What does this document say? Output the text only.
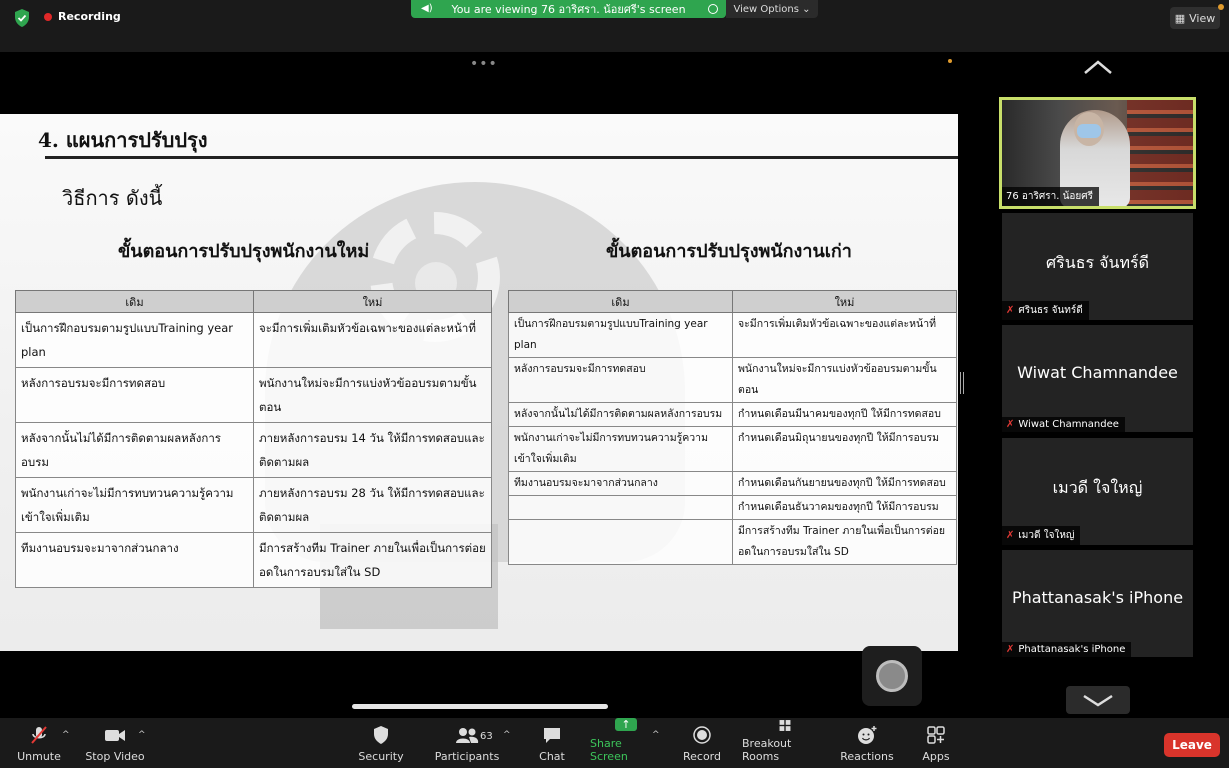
Recording
◀) You are viewing 76 อาริศรา. น้อยศรี's screen	View Options ⌄
▦ View
•••
4. แผนการปรับปรุง
วิธีการ ดังนี้
ขั้นตอนการปรับปรุงพนักงานใหม่	ขั้นตอนการปรับปรุงพนักงานเก่า
เดิม	ใหม่
เป็นการฝึกอบรมตามรูปแบบTraining year plan	จะมีการเพิ่มเติมหัวข้อเฉพาะของแต่ละหน้าที่
หลังการอบรมจะมีการทดสอบ	พนักงานใหม่จะมีการแบ่งหัวข้ออบรมตามขั้นตอน
หลังจากนั้นไม่ได้มีการติดตามผลหลังการอบรม	ภายหลังการอบรม 14 วัน ให้มีการทดสอบและติดตามผล
พนักงานเก่าจะไม่มีการทบทวนความรู้ความเข้าใจเพิ่มเติม	ภายหลังการอบรม 28 วัน ให้มีการทดสอบและติดตามผล
ทีมงานอบรมจะมาจากส่วนกลาง	มีการสร้างทีม Trainer ภายในเพื่อเป็นการต่อยอดในการอบรมใส่ใน SD
เดิม	ใหม่
เป็นการฝึกอบรมตามรูปแบบTraining year plan	จะมีการเพิ่มเติมหัวข้อเฉพาะของแต่ละหน้าที่
หลังการอบรมจะมีการทดสอบ	พนักงานใหม่จะมีการแบ่งหัวข้ออบรมตามขั้นตอน
หลังจากนั้นไม่ได้มีการติดตามผลหลังการอบรม	กำหนดเดือนมีนาคมของทุกปี ให้มีการทดสอบ
พนักงานเก่าจะไม่มีการทบทวนความรู้ความเข้าใจเพิ่มเติม	กำหนดเดือนมิถุนายนของทุกปี ให้มีการอบรม
ทีมงานอบรมจะมาจากส่วนกลาง	กำหนดเดือนกันยายนของทุกปี ให้มีการทดสอบ
	กำหนดเดือนธันวาคมของทุกปี ให้มีการอบรม
	มีการสร้างทีม Trainer ภายในเพื่อเป็นการต่อยอดในการอบรมใส่ใน SD
76 อาริศรา. น้อยศรี
ศรินธร จันทร์ดี
✗ ศรินธร จันทร์ดี
Wiwat Chamnandee
✗ Wiwat Chamnandee
เมวดี ใจใหญ่
✗ เมวดี ใจใหญ่
Phattanasak's iPhone
✗ Phattanasak's iPhone
Unmute
^
Stop Video
^
Security	Participants	Chat
↑
Share Screen
^
Record
Breakout Rooms	Reactions	Apps
63 ^
Leave
